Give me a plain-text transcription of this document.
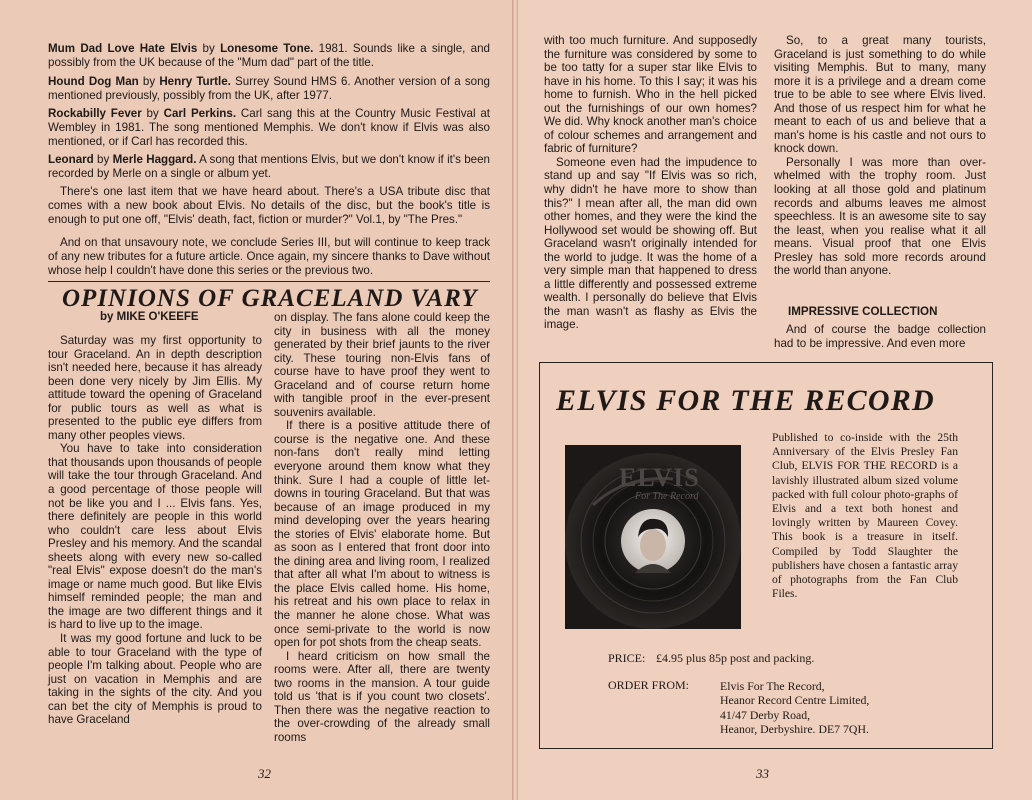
Mum Dad Love Hate Elvis by Lonesome Tone. 1981. Sounds like a single, and possibly from the UK because of the "Mum dad" part of the title.

Hound Dog Man by Henry Turtle. Surrey Sound HMS 6. Another version of a song mentioned previously, possibly from the UK, after 1977.

Rockabilly Fever by Carl Perkins. Carl sang this at the Country Music Festival at Wembley in 1981. The song mentioned Memphis. We don't know if Elvis was also mentioned, or if Carl has recorded this.

Leonard by Merle Haggard. A song that mentions Elvis, but we don't know if it's been recorded by Merle on a single or album yet.

There's one last item that we have heard about. There's a USA tribute disc that comes with a new book about Elvis. No details of the disc, but the book's title is enough to put one off, "Elvis' death, fact, fiction or murder?" Vol.1, by "The Pres."

And on that unsavoury note, we conclude Series III, but will continue to keep track of any new tributes for a future article. Once again, my sincere thanks to Dave without whose help I couldn't have done this series or the previous two.

OPINIONS OF GRACELAND VARY

by MIKE O'KEEFE

Saturday was my first opportunity to tour Graceland. An in depth description isn't needed here, because it has already been done very nicely by Jim Ellis. My attitude toward the opening of Graceland for public tours as well as what is presented to the public eye differs from many other peoples views.

You have to take into consideration that thousands upon thousands of people will take the tour through Graceland. And a good percentage of those people will not be like you and I ... Elvis fans. Yes, there definitely are people in this world who couldn't care less about Elvis Presley and his memory. And the scandal sheets along with every new so-called "real Elvis" expose doesn't do the man's image or name much good. But like Elvis himself reminded people; the man and the image are two different things and it is hard to live up to the image.

It was my good fortune and luck to be able to tour Graceland with the type of people I'm talking about. People who are just on vacation in Memphis and are taking in the sights of the city. And you can bet the city of Memphis is proud to have Graceland

on display. The fans alone could keep the city in business with all the money generated by their brief jaunts to the river city. These touring non-Elvis fans of course have to have proof they went to Graceland and of course return home with tangible proof in the ever-present souvenirs available.

If there is a positive attitude there of course is the negative one. And these non-fans don't really mind letting everyone around them know what they think. Sure I had a couple of little let-downs in touring Graceland. But that was because of an image produced in my mind developing over the years hearing the stories of Elvis' elaborate home. But as soon as I entered that front door into the dining area and living room, I realized that after all what I'm about to witness is the place Elvis called home. His home, his retreat and his own place to relax in the manner he alone chose. What was once semi-private to the world is now open for pot shots from the cheap seats.

I heard criticism on how small the rooms were. After all, there are twenty two rooms in the mansion. A tour guide told us 'that is if you count two closets'. Then there was the negative reaction to the over-crowding of the already small rooms

32

with too much furniture. And supposedly the furniture was considered by some to be too tatty for a super star like Elvis to have in his home. To this I say; it was his home to furnish. Who in the hell picked out the furnishings of our own homes? We did. Why knock another man's choice of colour schemes and arrangement and fabric of furniture?

Someone even had the impudence to stand up and say "If Elvis was so rich, why didn't he have more to show than this?" I mean after all, the man did own other homes, and they were the kind the Hollywood set would be showing off. But Graceland wasn't originally intended for the world to judge. It was the home of a very simple man that happened to dress a little differently and possessed extreme wealth. I personally do believe that Elvis the man wasn't as flashy as Elvis the image.

So, to a great many tourists, Graceland is just something to do while visiting Memphis. But to many, many more it is a privilege and a dream come true to be able to see where Elvis lived. And those of us respect him for what he meant to each of us and believe that a man's home is his castle and not ours to knock down.

Personally I was more than over-whelmed with the trophy room. Just looking at all those gold and platinum records and albums leaves me almost speechless. It is an awesome site to say the least, when you realise what it all means. Visual proof that one Elvis Presley has sold more records around the world than anyone.

IMPRESSIVE COLLECTION

And of course the badge collection had to be impressive. And even more

ELVIS FOR THE RECORD
ELVIS
For The Record

Published to co-inside with the 25th Anniversary of the Elvis Presley Fan Club, ELVIS FOR THE RECORD is a lavishly illustrated album sized volume packed with full colour photo-graphs of Elvis and a text both honest and lovingly written by Maureen Covey. This book is a treasure in itself. Compiled by Todd Slaughter the publishers have chosen a fantastic array of photographs from the Fan Club Files.

PRICE: £4.95 plus 85p post and packing.

ORDER FROM:	Elvis For The Record,
Heanor Record Centre Limited,
41/47 Derby Road,
Heanor, Derbyshire. DE7 7QH.

33
